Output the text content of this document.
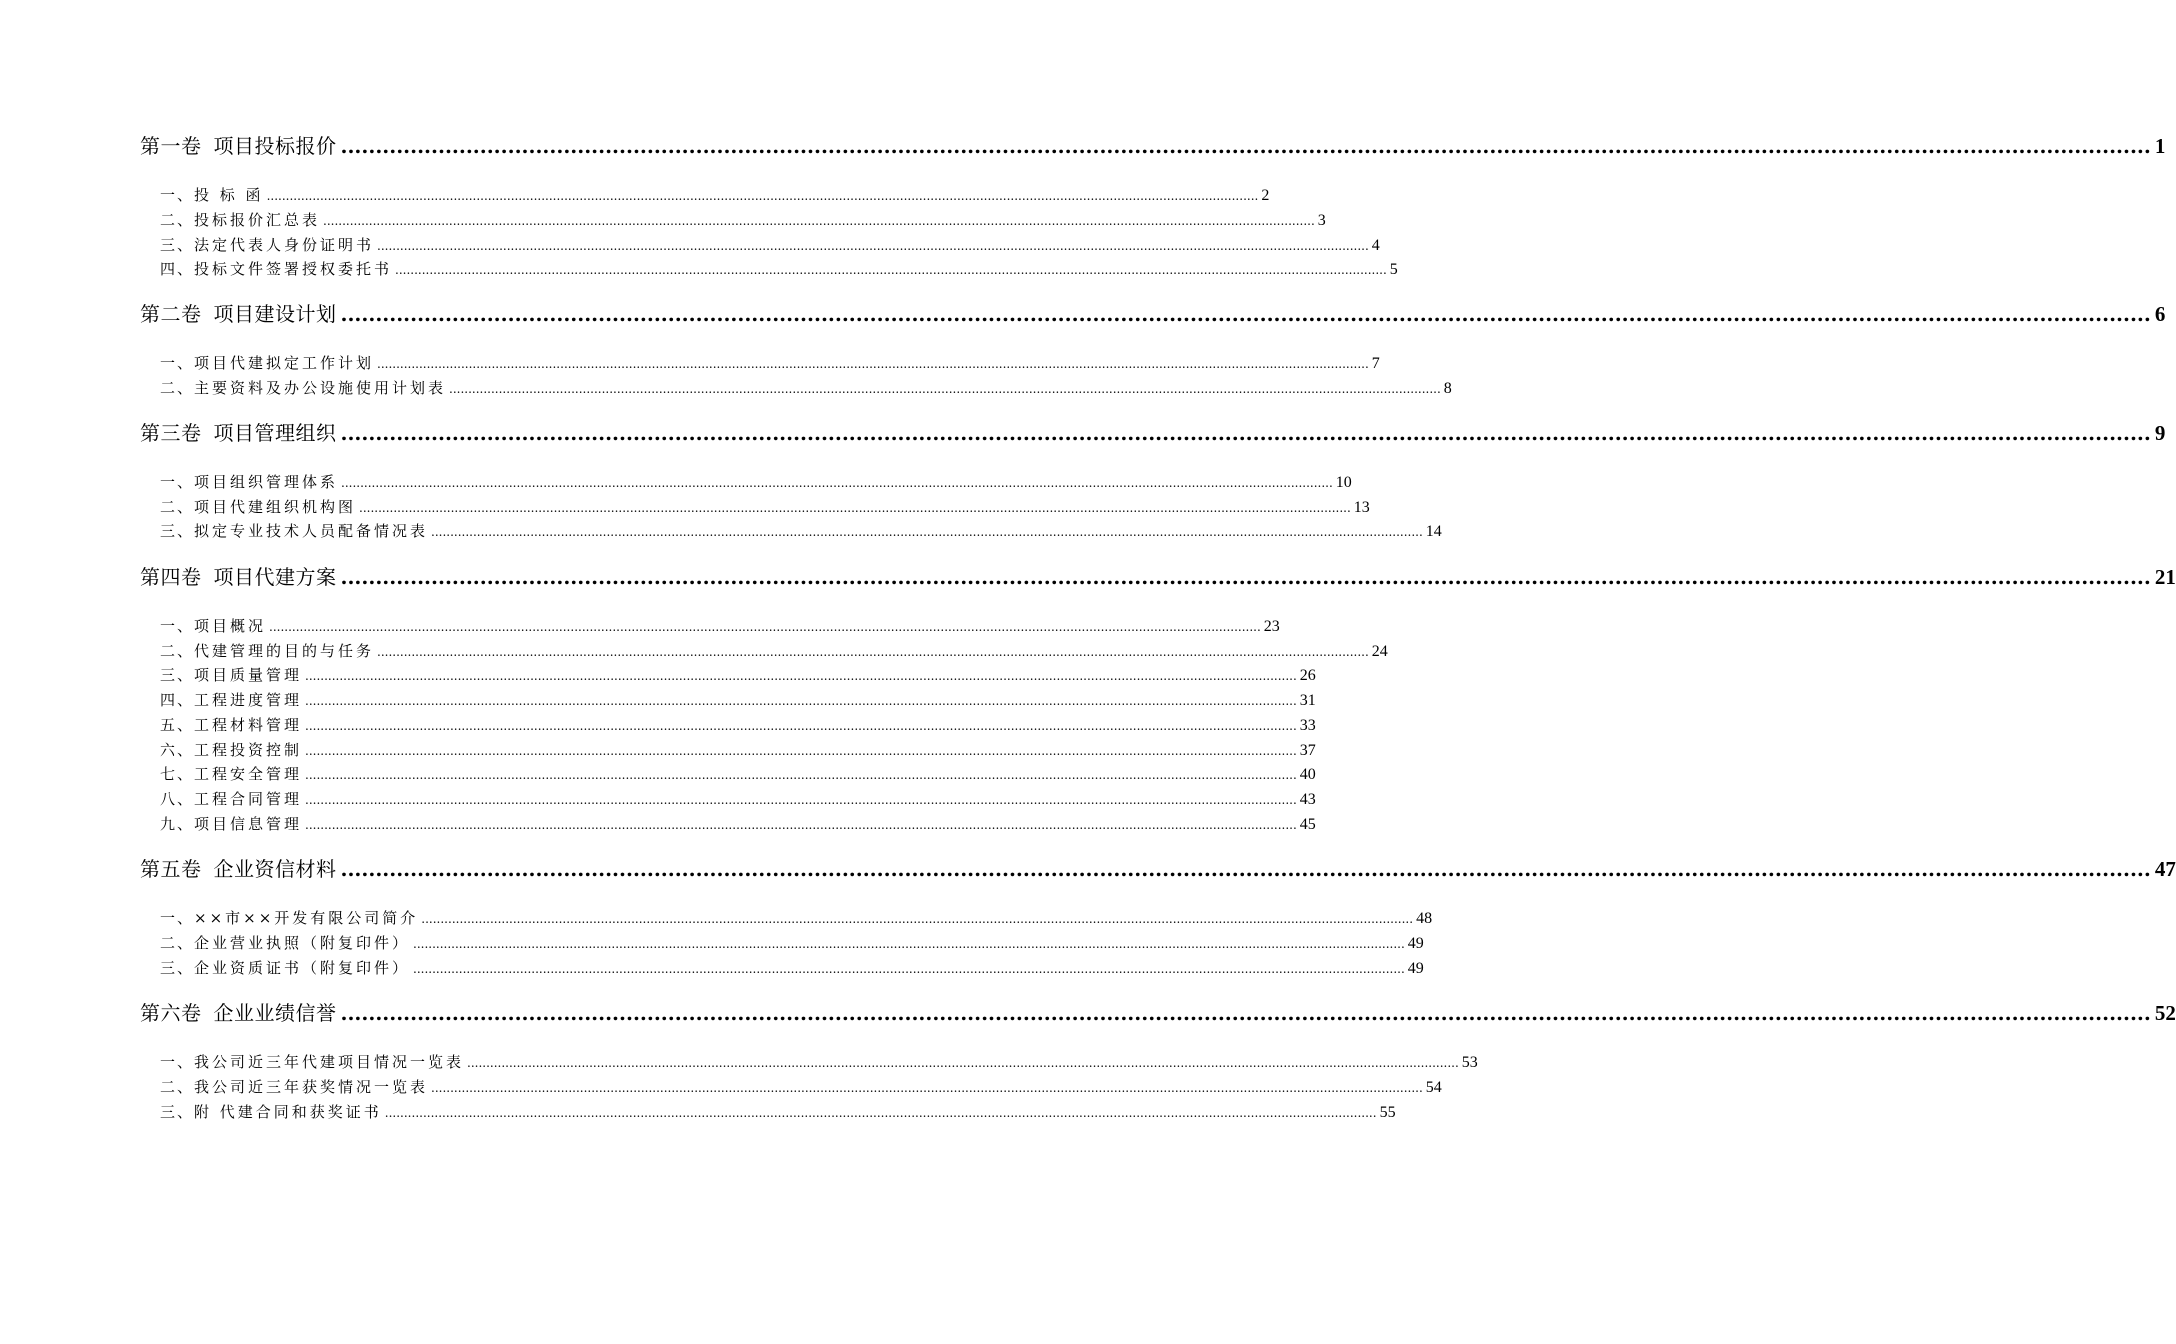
第一卷 项目投标报价 .................................................................................................................................................................................................................................................................... 1
一、 投 标 函 .................................................................................................................................................................................................................................................................... 2
二、 投标报价汇总表 .................................................................................................................................................................................................................................................................... 3
三、 法定代表人身份证明书 .................................................................................................................................................................................................................................................................... 4
四、 投标文件签署授权委托书 .................................................................................................................................................................................................................................................................... 5
第二卷 项目建设计划 .................................................................................................................................................................................................................................................................... 6
一、 项目代建拟定工作计划 .................................................................................................................................................................................................................................................................... 7
二、 主要资料及办公设施使用计划表 .................................................................................................................................................................................................................................................................... 8
第三卷 项目管理组织 .................................................................................................................................................................................................................................................................... 9
一、 项目组织管理体系 .................................................................................................................................................................................................................................................................... 10
二、 项目代建组织机构图 .................................................................................................................................................................................................................................................................... 13
三、 拟定专业技术人员配备情况表 .................................................................................................................................................................................................................................................................... 14
第四卷 项目代建方案 .................................................................................................................................................................................................................................................................... 21
一、 项目概况 .................................................................................................................................................................................................................................................................... 23
二、 代建管理的目的与任务 .................................................................................................................................................................................................................................................................... 24
三、 项目质量管理 .................................................................................................................................................................................................................................................................... 26
四、 工程进度管理 .................................................................................................................................................................................................................................................................... 31
五、 工程材料管理 .................................................................................................................................................................................................................................................................... 33
六、 工程投资控制 .................................................................................................................................................................................................................................................................... 37
七、 工程安全管理 .................................................................................................................................................................................................................................................................... 40
八、 工程合同管理 .................................................................................................................................................................................................................................................................... 43
九、 项目信息管理 .................................................................................................................................................................................................................................................................... 45
第五卷 企业资信材料 .................................................................................................................................................................................................................................................................... 47
一、 ××市××开发有限公司简介 .................................................................................................................................................................................................................................................................... 48
二、 企业营业执照（附复印件） .................................................................................................................................................................................................................................................................... 49
三、 企业资质证书（附复印件） .................................................................................................................................................................................................................................................................... 49
第六卷 企业业绩信誉 .................................................................................................................................................................................................................................................................... 52
一、 我公司近三年代建项目情况一览表 .................................................................................................................................................................................................................................................................... 53
二、 我公司近三年获奖情况一览表 .................................................................................................................................................................................................................................................................... 54
三、 附 代建合同和获奖证书 .................................................................................................................................................................................................................................................................... 55
